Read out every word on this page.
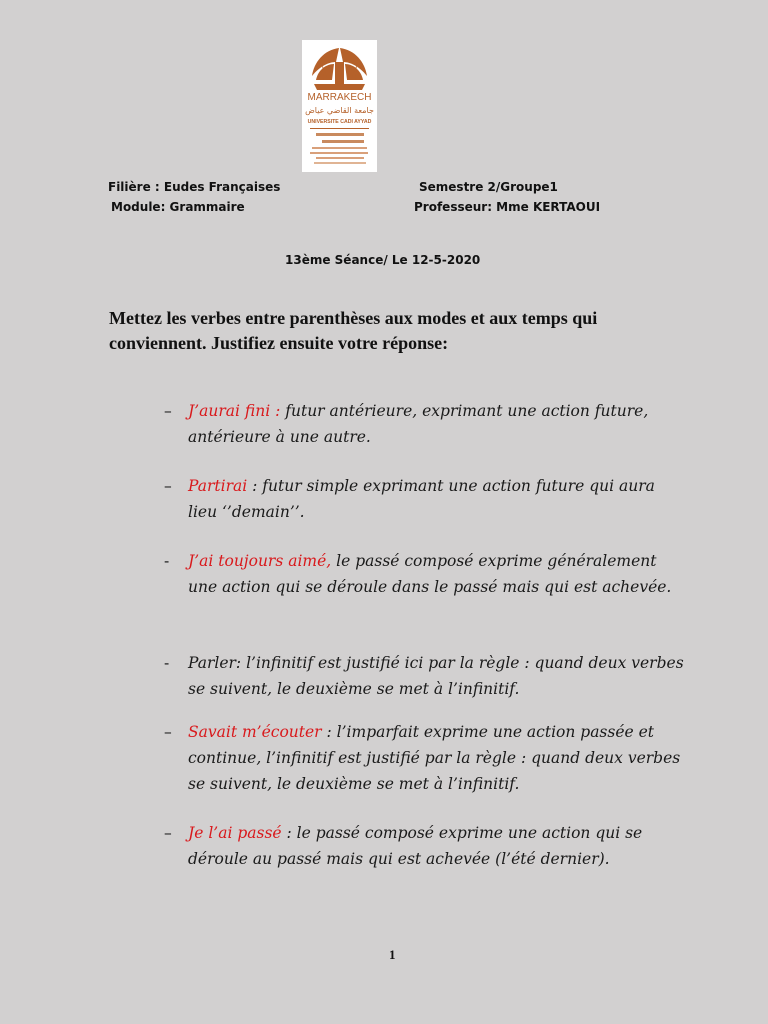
MARRAKECH
جامعة القاضي عياض
UNIVERSITE CADI AYYAD
Filière : Eudes Françaises	Semestre 2/Groupe1
Module: Grammaire	Professeur: Mme KERTAOUI
13ème Séance/ Le 12-5-2020
Mettez les verbes entre parenthèses aux modes et aux temps qui conviennent. Justifiez ensuite votre réponse:
– J’aurai fini : futur antérieure, exprimant une action future, antérieure à une autre.
– Partirai : futur simple exprimant une action future qui aura lieu ‘’demain’’.
- J’ai toujours aimé, le passé composé exprime généralement une action qui se déroule dans le passé mais qui est achevée.
- Parler: l’infinitif est justifié ici par la règle : quand deux verbes se suivent, le deuxième se met à l’infinitif.
– Savait m’écouter : l’imparfait exprime une action passée et continue, l’infinitif est justifié par la règle : quand deux verbes se suivent, le deuxième se met à l’infinitif.
– Je l’ai passé : le passé composé exprime une action qui se déroule au passé mais qui est achevée (l’été dernier).
1
